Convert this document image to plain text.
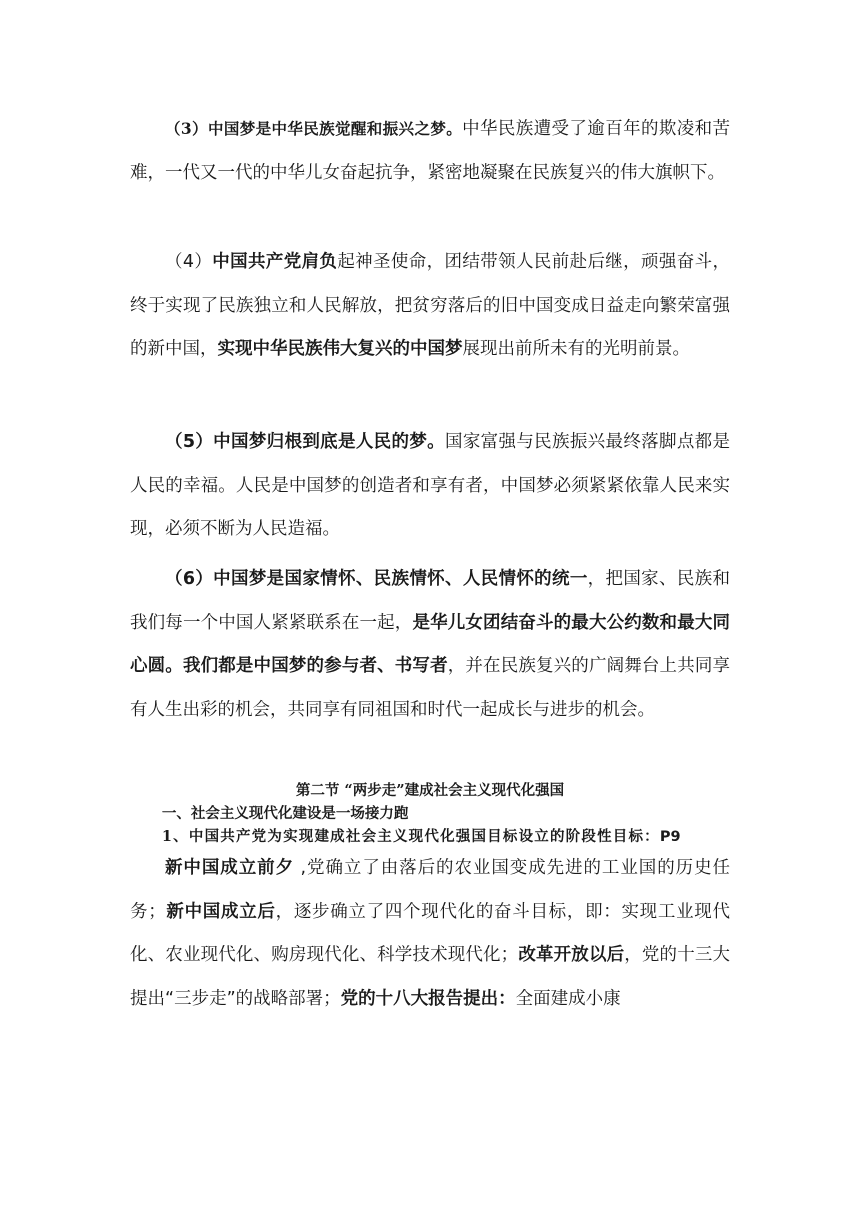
（3）中国梦是中华民族觉醒和振兴之梦。中华民族遭受了逾百年的欺凌和苦难，一代又一代的中华儿女奋起抗争，紧密地凝聚在民族复兴的伟大旗帜下。

（4）中国共产党肩负起神圣使命，团结带领人民前赴后继，顽强奋斗，终于实现了民族独立和人民解放，把贫穷落后的旧中国变成日益走向繁荣富强的新中国，实现中华民族伟大复兴的中国梦展现出前所未有的光明前景。

（5）中国梦归根到底是人民的梦。国家富强与民族振兴最终落脚点都是人民的幸福。人民是中国梦的创造者和享有者，中国梦必须紧紧依靠人民来实现，必须不断为人民造福。

（6）中国梦是国家情怀、民族情怀、人民情怀的统一，把国家、民族和我们每一个中国人紧紧联系在一起，是华儿女团结奋斗的最大公约数和最大同心圆。我们都是中国梦的参与者、书写者，并在民族复兴的广阔舞台上共同享有人生出彩的机会，共同享有同祖国和时代一起成长与进步的机会。

第二节 “两步走”建成社会主义现代化强国

一、社会主义现代化建设是一场接力跑

1、中国共产党为实现建成社会主义现代化强国目标设立的阶段性目标：P9

新中国成立前夕 ,党确立了由落后的农业国变成先进的工业国的历史任务；新中国成立后，逐步确立了四个现代化的奋斗目标，即：实现工业现代化、农业现代化、购房现代化、科学技术现代化；改革开放以后，党的十三大提出“三步走”的战略部署；党的十八大报告提出：全面建成小康
